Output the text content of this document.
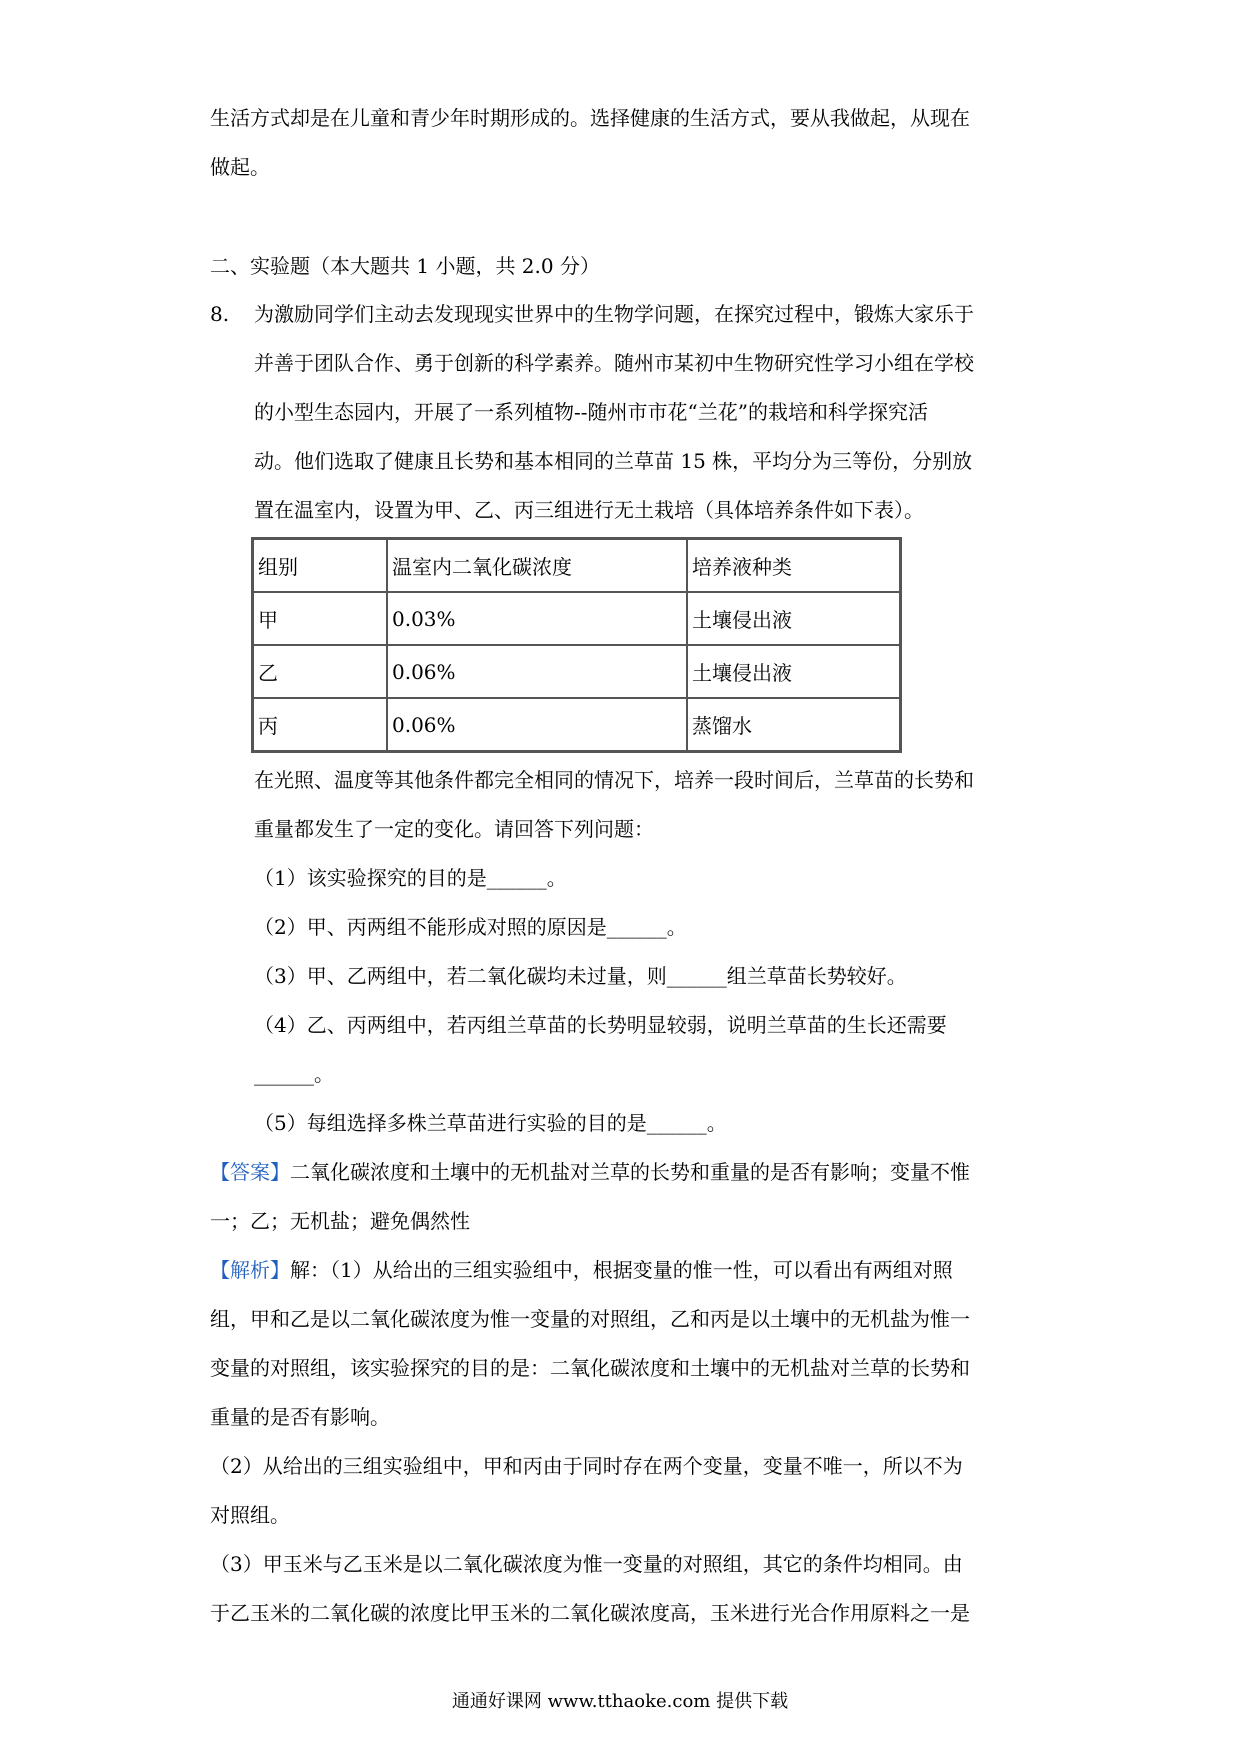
生活方式却是在儿童和青少年时期形成的。选择健康的生活方式，要从我做起，从现在
做起。
二、实验题（本大题共 1 小题，共 2.0 分）
8. 为激励同学们主动去发现现实世界中的生物学问题，在探究过程中，锻炼大家乐于
并善于团队合作、勇于创新的科学素养。随州市某初中生物研究性学习小组在学校
的小型生态园内，开展了一系列植物--随州市市花“兰花”的栽培和科学探究活
动。他们选取了健康且长势和基本相同的兰草苗 15 株，平均分为三等份，分别放
置在温室内，设置为甲、乙、丙三组进行无土栽培（具体培养条件如下表）。
组别	温室内二氧化碳浓度	培养液种类
甲	0.03%	土壤侵出液
乙	0.06%	土壤侵出液
丙	0.06%	蒸馏水
在光照、温度等其他条件都完全相同的情况下，培养一段时间后，兰草苗的长势和
重量都发生了一定的变化。请回答下列问题：
（1）该实验探究的目的是______。
（2）甲、丙两组不能形成对照的原因是______。
（3）甲、乙两组中，若二氧化碳均未过量，则______组兰草苗长势较好。
（4）乙、丙两组中，若丙组兰草苗的长势明显较弱，说明兰草苗的生长还需要
______。
（5）每组选择多株兰草苗进行实验的目的是______。
【答案】二氧化碳浓度和土壤中的无机盐对兰草的长势和重量的是否有影响；变量不惟
一；乙；无机盐；避免偶然性
【解析】解：（1）从给出的三组实验组中，根据变量的惟一性，可以看出有两组对照
组，甲和乙是以二氧化碳浓度为惟一变量的对照组，乙和丙是以土壤中的无机盐为惟一
变量的对照组，该实验探究的目的是：二氧化碳浓度和土壤中的无机盐对兰草的长势和
重量的是否有影响。
（2）从给出的三组实验组中，甲和丙由于同时存在两个变量，变量不唯一，所以不为
对照组。
（3）甲玉米与乙玉米是以二氧化碳浓度为惟一变量的对照组，其它的条件均相同。由
于乙玉米的二氧化碳的浓度比甲玉米的二氧化碳浓度高，玉米进行光合作用原料之一是
通通好课网 www.tthaoke.com 提供下载
